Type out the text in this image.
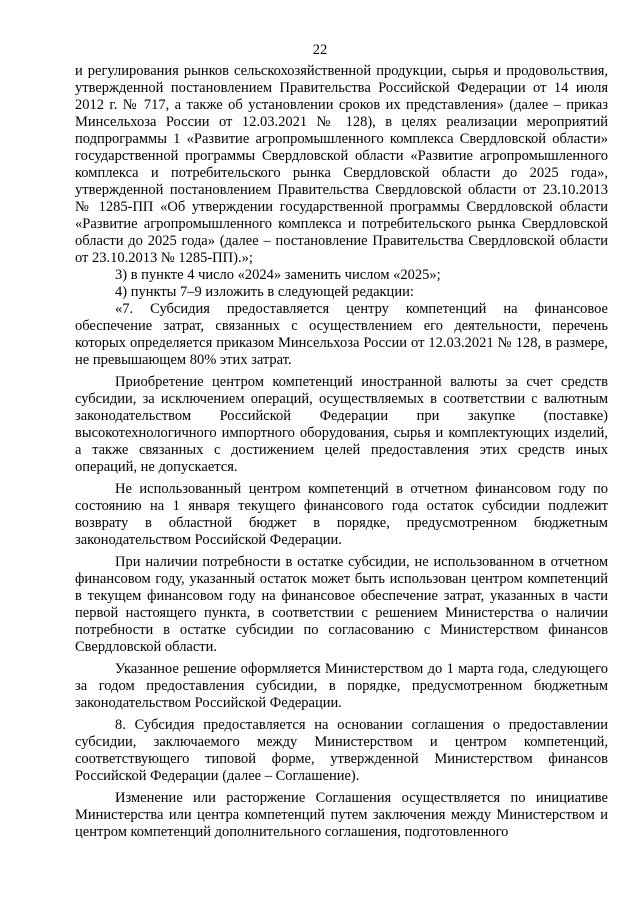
22

и регулирования рынков сельскохозяйственной продукции, сырья и продовольствия, утвержденной постановлением Правительства Российской Федерации от 14 июля 2012 г. № 717, а также об установлении сроков их представления» (далее – приказ Минсельхоза России от 12.03.2021 № 128), в целях реализации мероприятий подпрограммы 1 «Развитие агропромышленного комплекса Свердловской области» государственной программы Свердловской области «Развитие агропромышленного комплекса и потребительского рынка Свердловской области до 2025 года», утвержденной постановлением Правительства Свердловской области от 23.10.2013 № 1285-ПП «Об утверждении государственной программы Свердловской области «Развитие агропромышленного комплекса и потребительского рынка Свердловской области до 2025 года» (далее – постановление Правительства Свердловской области от 23.10.2013 № 1285-ПП).»;

3) в пункте 4 число «2024» заменить числом «2025»;

4) пункты 7–9 изложить в следующей редакции:

«7. Субсидия предоставляется центру компетенций на финансовое обеспечение затрат, связанных с осуществлением его деятельности, перечень которых определяется приказом Минсельхоза России от 12.03.2021 № 128, в размере, не превышающем 80% этих затрат.

Приобретение центром компетенций иностранной валюты за счет средств субсидии, за исключением операций, осуществляемых в соответствии с валютным законодательством Российской Федерации при закупке (поставке) высокотехнологичного импортного оборудования, сырья и комплектующих изделий, а также связанных с достижением целей предоставления этих средств иных операций, не допускается.

Не использованный центром компетенций в отчетном финансовом году по состоянию на 1 января текущего финансового года остаток субсидии подлежит возврату в областной бюджет в порядке, предусмотренном бюджетным законодательством Российской Федерации.

При наличии потребности в остатке субсидии, не использованном в отчетном финансовом году, указанный остаток может быть использован центром компетенций в текущем финансовом году на финансовое обеспечение затрат, указанных в части первой настоящего пункта, в соответствии с решением Министерства о наличии потребности в остатке субсидии по согласованию с Министерством финансов Свердловской области.

Указанное решение оформляется Министерством до 1 марта года, следующего за годом предоставления субсидии, в порядке, предусмотренном бюджетным законодательством Российской Федерации.

8. Субсидия предоставляется на основании соглашения о предоставлении субсидии, заключаемого между Министерством и центром компетенций, соответствующего типовой форме, утвержденной Министерством финансов Российской Федерации (далее – Соглашение).

Изменение или расторжение Соглашения осуществляется по инициативе Министерства или центра компетенций путем заключения между Министерством и центром компетенций дополнительного соглашения, подготовленного
